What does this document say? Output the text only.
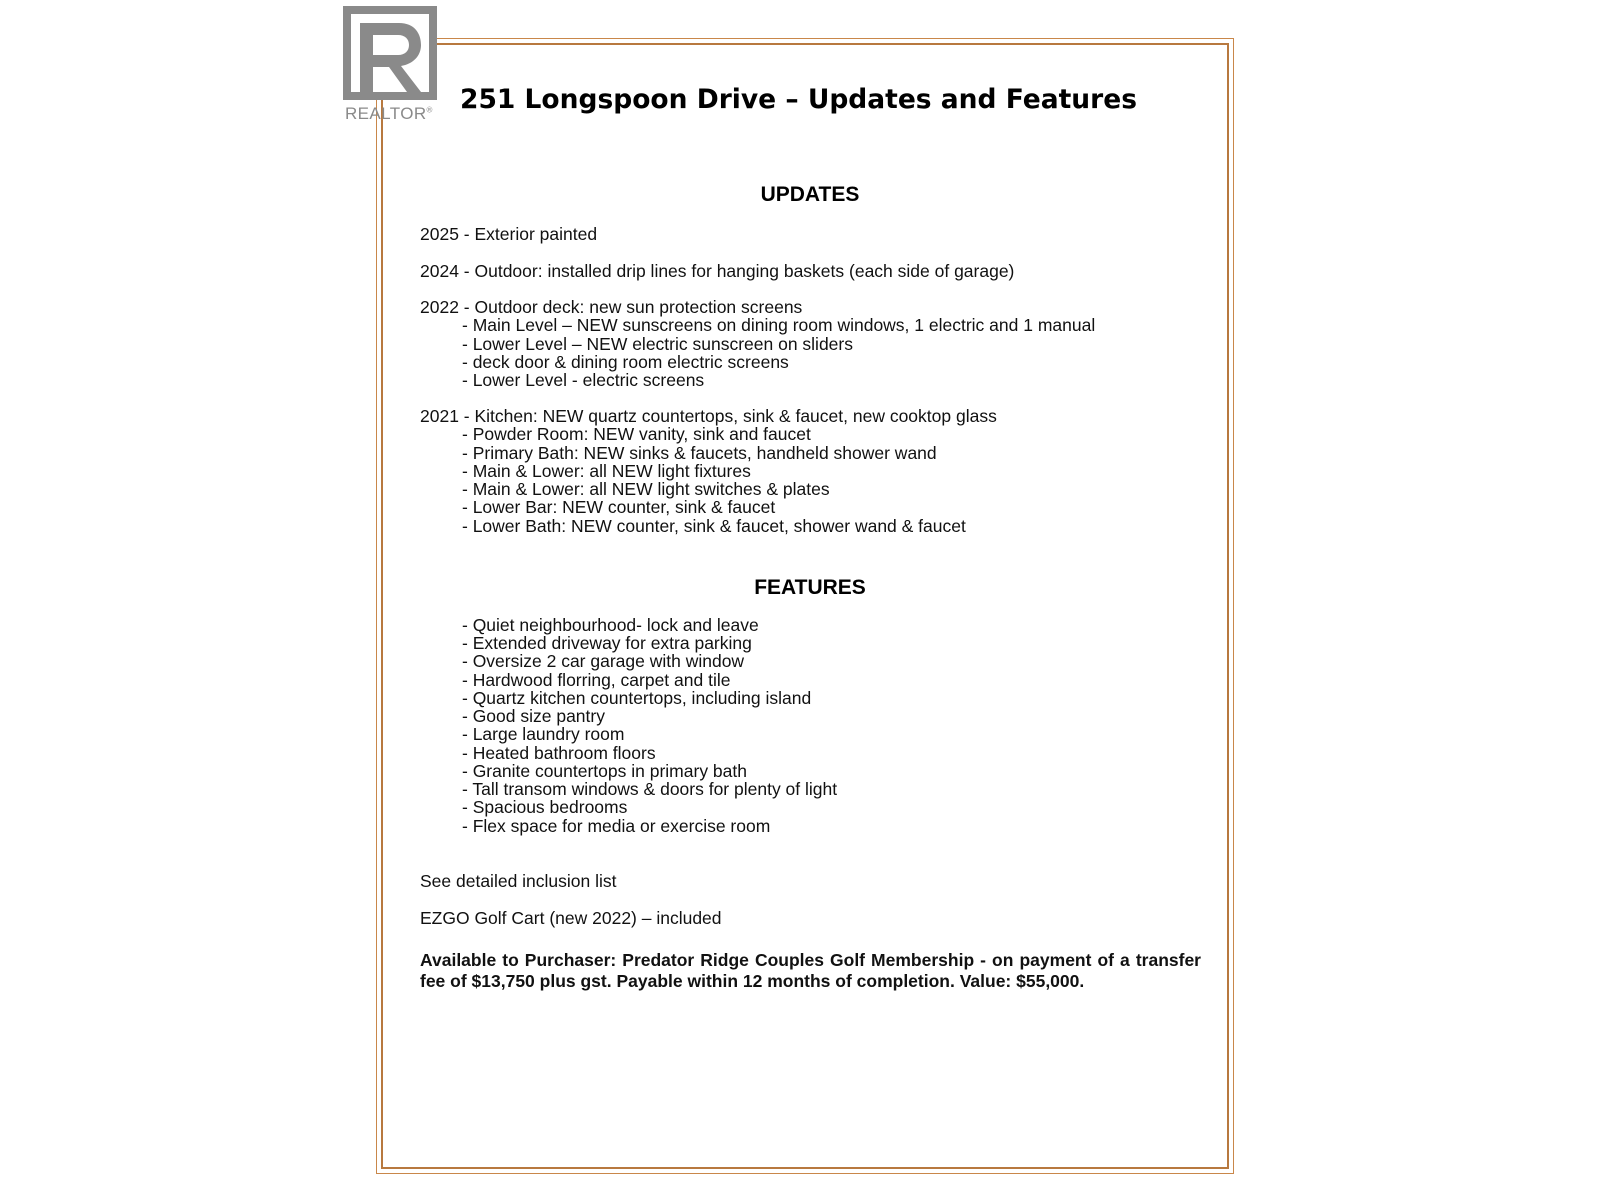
REALTOR® 251 Longspoon Drive – Updates and Features
UPDATES
2025 - Exterior painted
2024 - Outdoor: installed drip lines for hanging baskets (each side of garage)
2022 - Outdoor deck: new sun protection screens
- Main Level – NEW sunscreens on dining room windows, 1 electric and 1 manual
- Lower Level – NEW electric sunscreen on sliders
- deck door & dining room electric screens
- Lower Level - electric screens
2021 - Kitchen: NEW quartz countertops, sink & faucet, new cooktop glass
- Powder Room: NEW vanity, sink and faucet
- Primary Bath: NEW sinks & faucets, handheld shower wand
- Main & Lower: all NEW light fixtures
- Main & Lower: all NEW light switches & plates
- Lower Bar: NEW counter, sink & faucet
- Lower Bath: NEW counter, sink & faucet, shower wand & faucet
FEATURES
- Quiet neighbourhood- lock and leave
- Extended driveway for extra parking
- Oversize 2 car garage with window
- Hardwood florring, carpet and tile
- Quartz kitchen countertops, including island
- Good size pantry
- Large laundry room
- Heated bathroom floors
- Granite countertops in primary bath
- Tall transom windows & doors for plenty of light
- Spacious bedrooms
- Flex space for media or exercise room
See detailed inclusion list
EZGO Golf Cart (new 2022) – included
Available to Purchaser: Predator Ridge Couples Golf Membership - on payment of a transfer fee of $13,750 plus gst. Payable within 12 months of completion. Value: $55,000.
